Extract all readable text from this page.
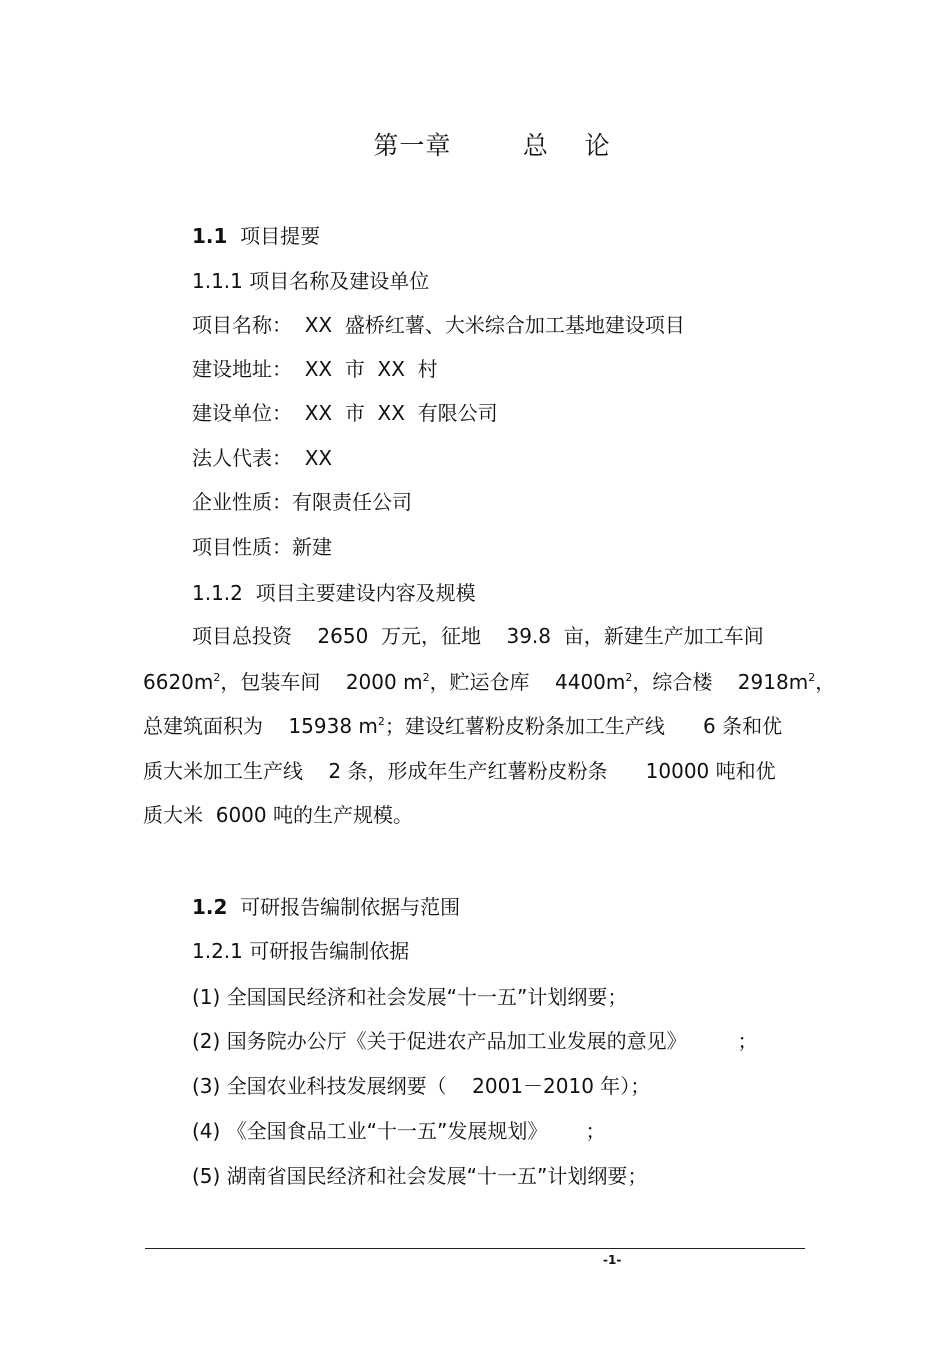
第一章        总    论
1.1  项目提要
1.1.1 项目名称及建设单位
项目名称：  XX  盛桥红薯、大米综合加工基地建设项目
建设地址：  XX  市  XX  村
建设单位：  XX  市  XX  有限公司
法人代表：  XX
企业性质：有限责任公司
项目性质：新建
1.1.2  项目主要建设内容及规模
项目总投资    2650  万元，征地    39.8  亩，新建生产加工车间
$6620m^2$，包装车间    2000 $m^2$，贮运仓库    $4400m^2$，综合楼    $2918m^2$，
总建筑面积为    15938 $m^2$；建设红薯粉皮粉条加工生产线      6 条和优
质大米加工生产线    2 条，形成年生产红薯粉皮粉条      10000 吨和优
质大米  6000 吨的生产规模。
1.2  可研报告编制依据与范围
1.2.1 可研报告编制依据
(1) 全国国民经济和社会发展“十一五”计划纲要；
(2) 国务院办公厅《关于促进农产品加工业发展的意见》        ；
(3) 全国农业科技发展纲要（    2001－2010 年）；
(4) 《全国食品工业“十一五”发展规划》      ；
(5) 湖南省国民经济和社会发展“十一五”计划纲要；
-1-
